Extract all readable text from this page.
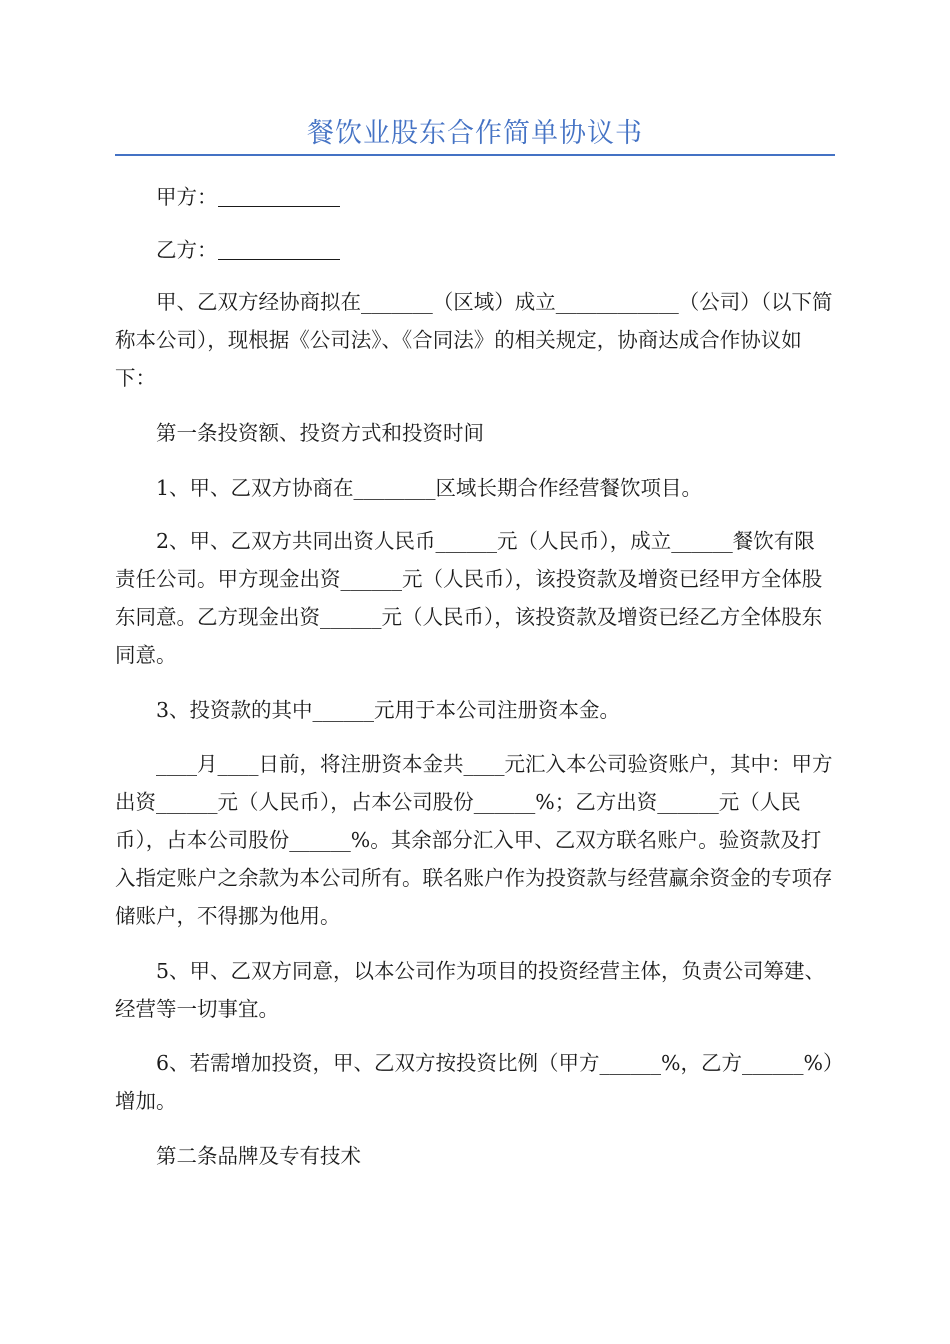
餐饮业股东合作简单协议书

甲方：

乙方：

甲、乙双方经协商拟在_______（区域）成立____________（公司）（以下简称本公司），现根据《公司法》、《合同法》的相关规定，协商达成合作协议如下：

第一条投资额、投资方式和投资时间

1、甲、乙双方协商在________区域长期合作经营餐饮项目。

2、甲、乙双方共同出资人民币______元（人民币），成立______餐饮有限责任公司。甲方现金出资______元（人民币），该投资款及增资已经甲方全体股东同意。乙方现金出资______元（人民币），该投资款及增资已经乙方全体股东同意。

3、投资款的其中______元用于本公司注册资本金。

____月____日前，将注册资本金共____元汇入本公司验资账户，其中：甲方出资______元（人民币），占本公司股份______%；乙方出资______元（人民币），占本公司股份______%。其余部分汇入甲、乙双方联名账户。验资款及打入指定账户之余款为本公司所有。联名账户作为投资款与经营赢余资金的专项存储账户，不得挪为他用。

5、甲、乙双方同意，以本公司作为项目的投资经营主体，负责公司筹建、经营等一切事宜。

6、若需增加投资，甲、乙双方按投资比例（甲方______%，乙方______%）增加。

第二条品牌及专有技术
